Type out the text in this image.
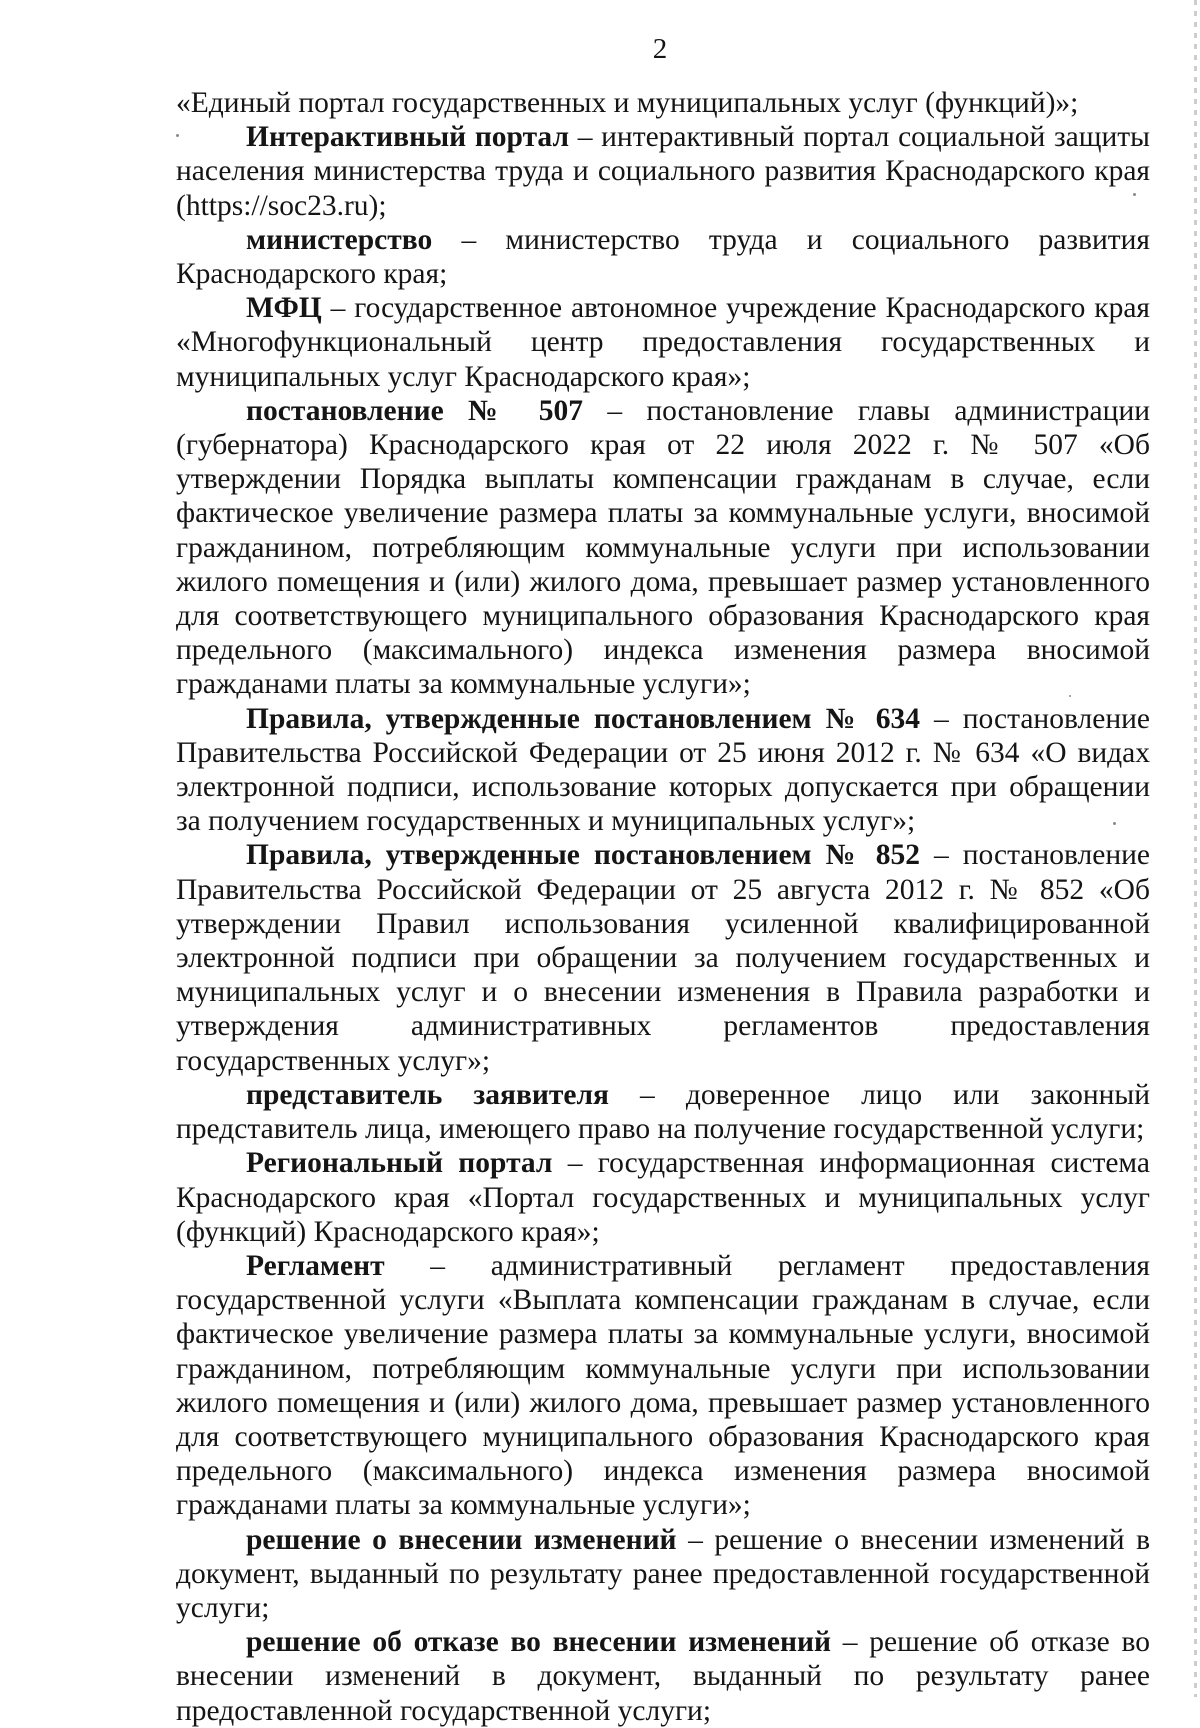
2

«Единый портал государственных и муниципальных услуг (функций)»;

Интерактивный портал – интерактивный портал социальной защиты населения министерства труда и социального развития Краснодарского края (https://soc23.ru);

министерство – министерство труда и социального развития Краснодарского края;

МФЦ – государственное автономное учреждение Краснодарского края «Многофункциональный центр предоставления государственных и муниципальных услуг Краснодарского края»;

постановление № 507 – постановление главы администрации (губернатора) Краснодарского края от 22 июля 2022 г. № 507 «Об утверждении Порядка выплаты компенсации гражданам в случае, если фактическое увеличение размера платы за коммунальные услуги, вносимой гражданином, потребляющим коммунальные услуги при использовании жилого помещения и (или) жилого дома, превышает размер установленного для соответствующего муниципального образования Краснодарского края предельного (максимального) индекса изменения размера вносимой гражданами платы за коммунальные услуги»;

Правила, утвержденные постановлением № 634 – постановление Правительства Российской Федерации от 25 июня 2012 г. № 634 «О видах электронной подписи, использование которых допускается при обращении за получением государственных и муниципальных услуг»;

Правила, утвержденные постановлением № 852 – постановление Правительства Российской Федерации от 25 августа 2012 г. № 852 «Об утверждении Правил использования усиленной квалифицированной электронной подписи при обращении за получением государственных и муниципальных услуг и о внесении изменения в Правила разработки и утверждения административных регламентов предоставления государственных услуг»;

представитель заявителя – доверенное лицо или законный представитель лица, имеющего право на получение государственной услуги;

Региональный портал – государственная информационная система Краснодарского края «Портал государственных и муниципальных услуг (функций) Краснодарского края»;

Регламент – административный регламент предоставления государственной услуги «Выплата компенсации гражданам в случае, если фактическое увеличение размера платы за коммунальные услуги, вносимой гражданином, потребляющим коммунальные услуги при использовании жилого помещения и (или) жилого дома, превышает размер установленного для соответствующего муниципального образования Краснодарского края предельного (максимального) индекса изменения размера вносимой гражданами платы за коммунальные услуги»;

решение о внесении изменений – решение о внесении изменений в документ, выданный по результату ранее предоставленной государственной услуги;

решение об отказе во внесении изменений – решение об отказе во внесении изменений в документ, выданный по результату ранее предоставленной государственной услуги;
